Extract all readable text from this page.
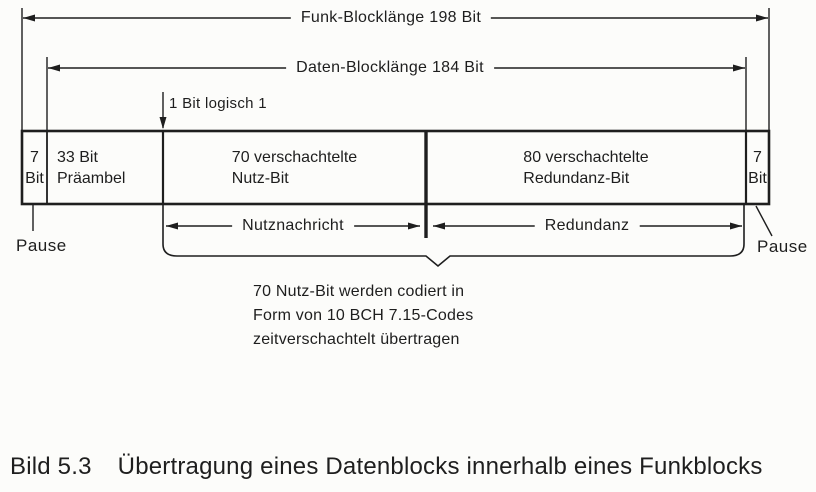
Funk-Blocklänge 198 Bit
Daten-Blocklänge 184 Bit
1 Bit logisch 1
7
Bit
33 Bit
Präambel
70 verschachtelte
Nutz-Bit
80 verschachtelte
Redundanz-Bit
7
Bit
Nutznachricht	Redundanz
Pause	Pause
70 Nutz-Bit werden codiert in
Form von 10 BCH 7.15-Codes
zeitverschachtelt übertragen
Bild 5.3 Übertragung eines Datenblocks innerhalb eines Funkblocks
